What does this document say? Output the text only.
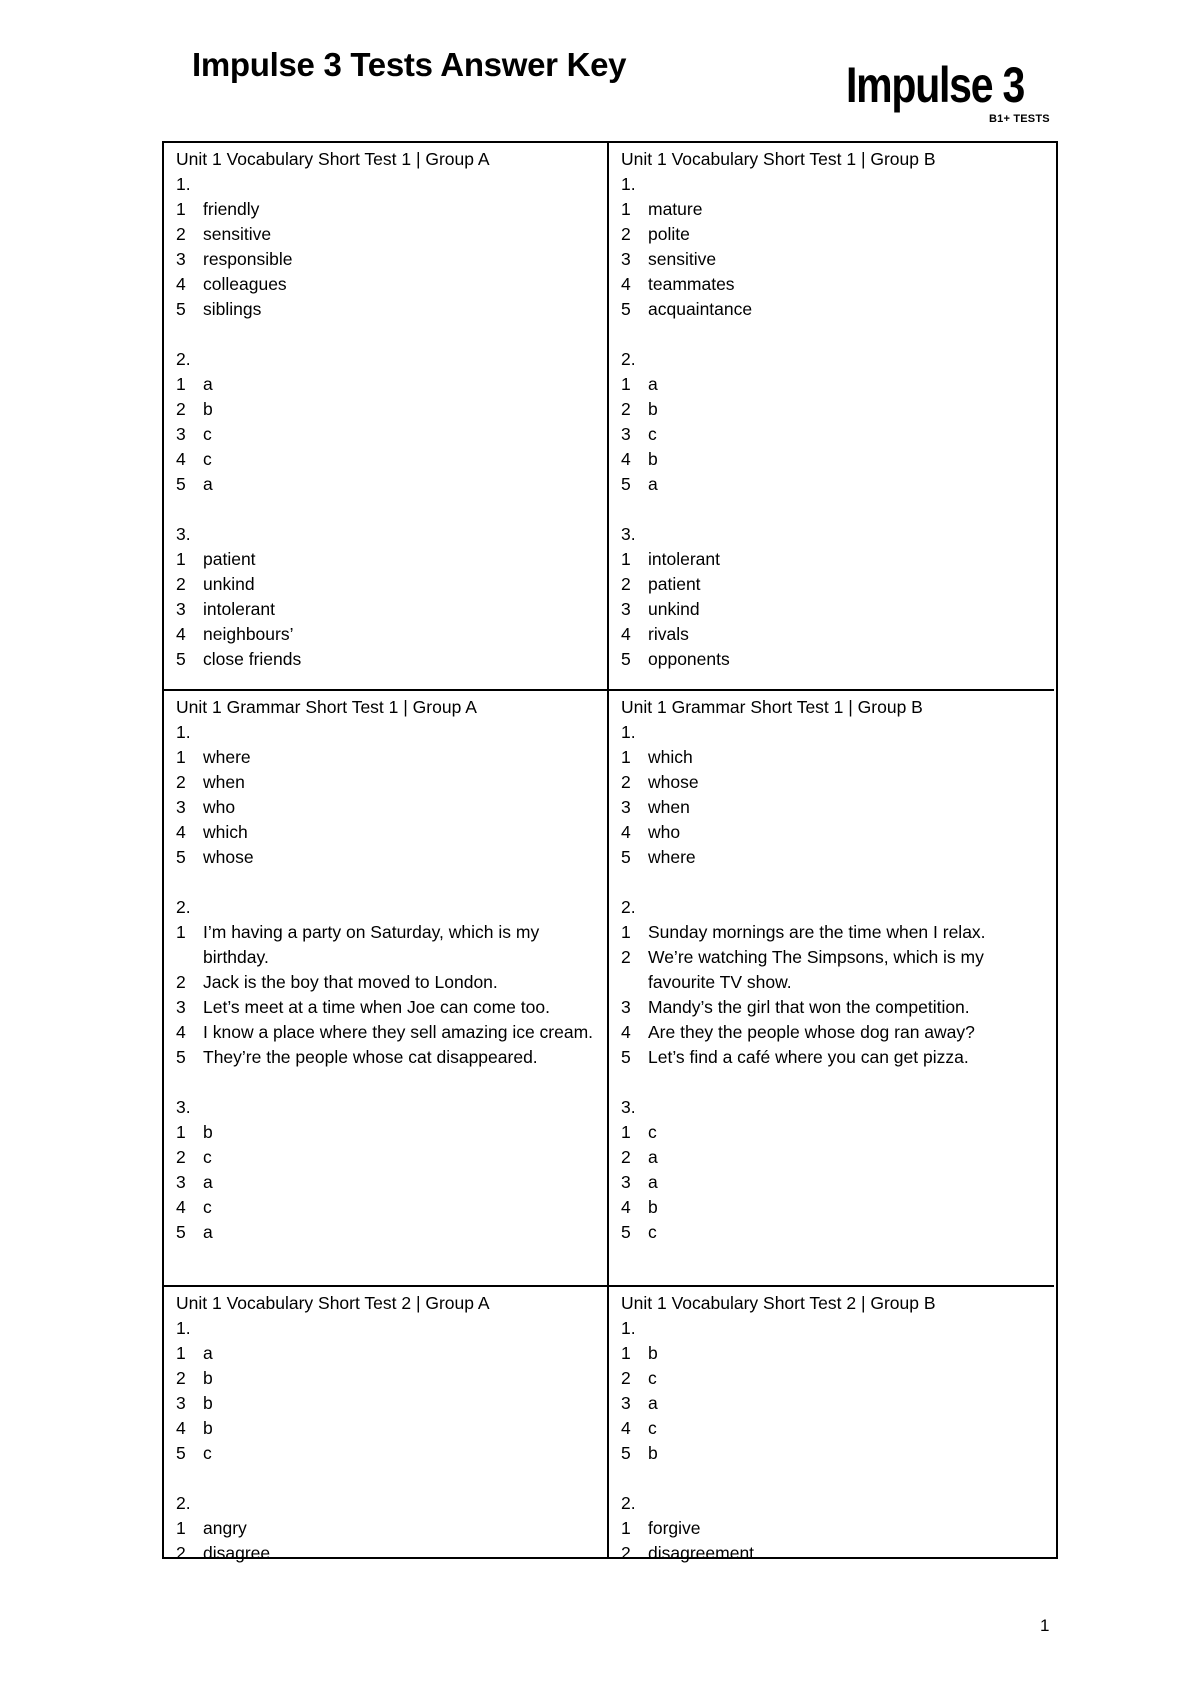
Impulse 3 Tests Answer Key	Impulse 3
B1+ TESTS
Unit 1 Vocabulary Short Test 1 | Group A
1.
1 friendly
2 sensitive
3 responsible
4 colleagues
5 siblings
2.
1 a
2 b
3 c
4 c
5 a
3.
1 patient
2 unkind
3 intolerant
4 neighbours’
5 close friends
Unit 1 Vocabulary Short Test 1 | Group B
1.
1 mature
2 polite
3 sensitive
4 teammates
5 acquaintance
2.
1 a
2 b
3 c
4 b
5 a
3.
1 intolerant
2 patient
3 unkind
4 rivals
5 opponents
Unit 1 Grammar Short Test 1 | Group A
1.
1 where
2 when
3 who
4 which
5 whose
2.
1 I’m having a party on Saturday, which is my birthday.
2 Jack is the boy that moved to London.
3 Let’s meet at a time when Joe can come too.
4 I know a place where they sell amazing ice cream.
5 They’re the people whose cat disappeared.
3.
1 b
2 c
3 a
4 c
5 a
Unit 1 Grammar Short Test 1 | Group B
1.
1 which
2 whose
3 when
4 who
5 where
2.
1 Sunday mornings are the time when I relax.
2 We’re watching The Simpsons, which is my favourite TV show.
3 Mandy’s the girl that won the competition.
4 Are they the people whose dog ran away?
5 Let’s find a café where you can get pizza.
3.
1 c
2 a
3 a
4 b
5 c
Unit 1 Vocabulary Short Test 2 | Group A
1.
1 a
2 b
3 b
4 b
5 c
2.
1 angry
2 disagree
Unit 1 Vocabulary Short Test 2 | Group B
1.
1 b
2 c
3 a
4 c
5 b
2.
1 forgive
2 disagreement
1
